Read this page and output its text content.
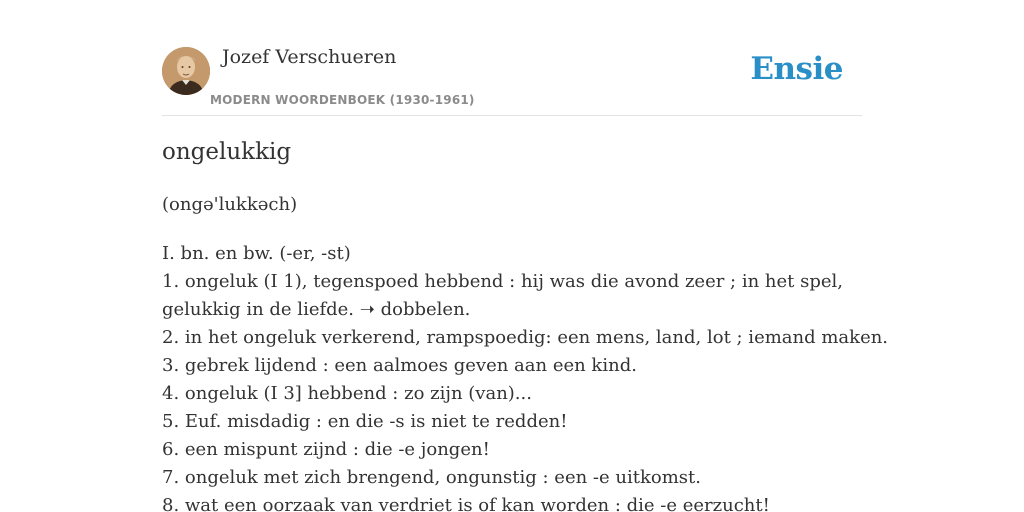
Jozef Verschueren
MODERN WOORDENBOEK (1930-1961)
Ensie
ongelukkig
(ongə'lukkəch)
I. bn. en bw. (-er, -st)
1. ongeluk (I 1), tegenspoed hebbend : hij was die avond zeer ; in het spel,
gelukkig in de liefde. ➝ dobbelen.
2. in het ongeluk verkerend, rampspoedig: een mens, land, lot ; iemand maken.
3. gebrek lijdend : een aalmoes geven aan een kind.
4. ongeluk (I 3] hebbend : zo zijn (van)...
5. Euf. misdadig : en die -s is niet te redden!
6. een mispunt zijnd : die -e jongen!
7. ongeluk met zich brengend, ongunstig : een -e uitkomst.
8. wat een oorzaak van verdriet is of kan worden : die -e eerzucht!
